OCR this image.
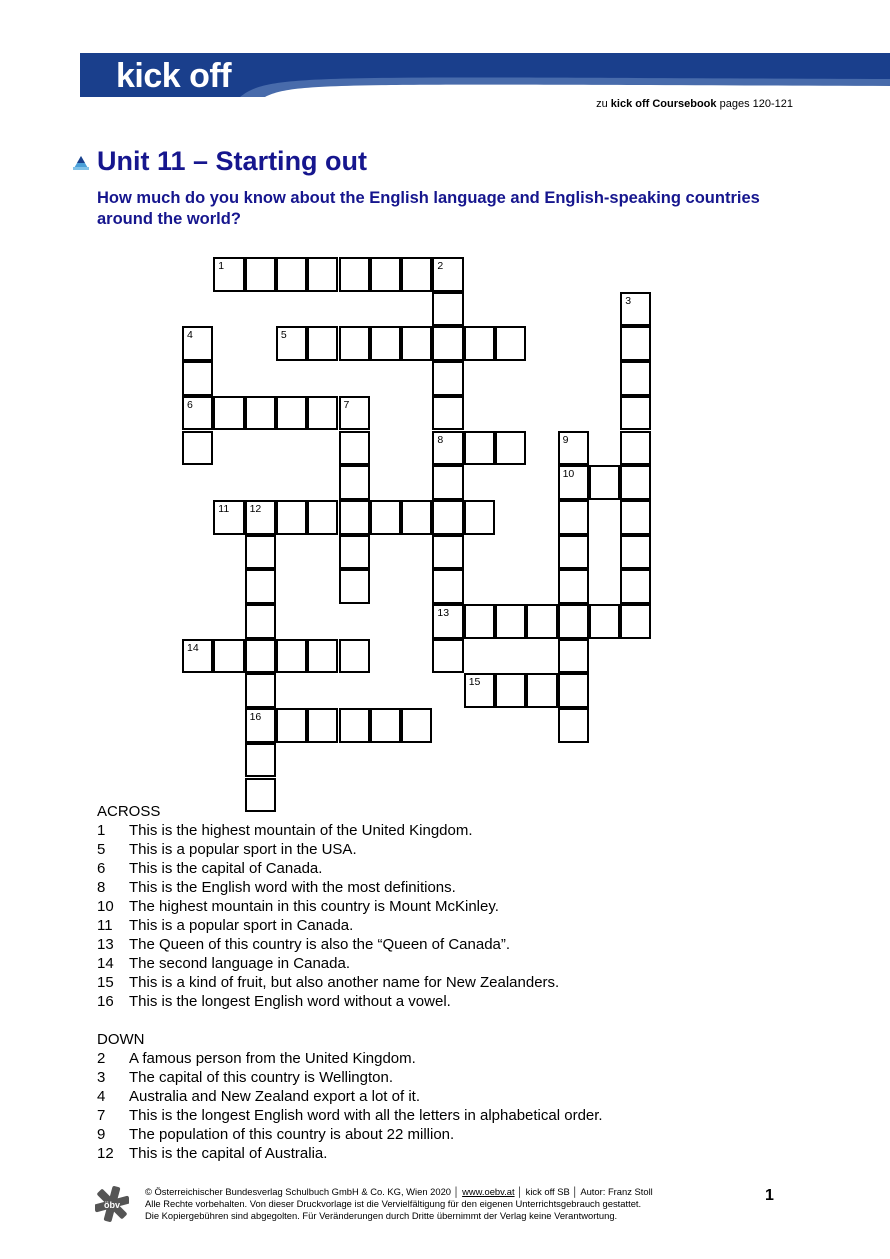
kick off
zu kick off Coursebook pages 120-121
Unit 11 – Starting out

How much do you know about the English language and English-speaking countries around the world?

1	2
8
13
3
4
6
5
7
9
10
11 12
16
14
15
ACROSS
1	This is the highest mountain of the United Kingdom.
5	This is a popular sport in the USA.
6	This is the capital of Canada.
8	This is the English word with the most definitions.
10	The highest mountain in this country is Mount McKinley.
11	This is a popular sport in Canada.
13	The Queen of this country is also the “Queen of Canada”.
14	The second language in Canada.
15	This is a kind of fruit, but also another name for New Zealanders.
16	This is the longest English word without a vowel.
DOWN
2	A famous person from the United Kingdom.
3	The capital of this country is Wellington.
4	Australia and New Zealand export a lot of it.
7	This is the longest English word with all the letters in alphabetical order.
9	The population of this country is about 22 million.
12	This is the capital of Australia.
öbv
© Österreichischer Bundesverlag Schulbuch GmbH & Co. KG, Wien 2020 │ www.oebv.at │ kick off SB │ Autor: Franz Stoll
Alle Rechte vorbehalten. Von dieser Druckvorlage ist die Vervielfältigung für den eigenen Unterrichtsgebrauch gestattet.
Die Kopiergebühren sind abgegolten. Für Veränderungen durch Dritte übernimmt der Verlag keine Verantwortung.
1
